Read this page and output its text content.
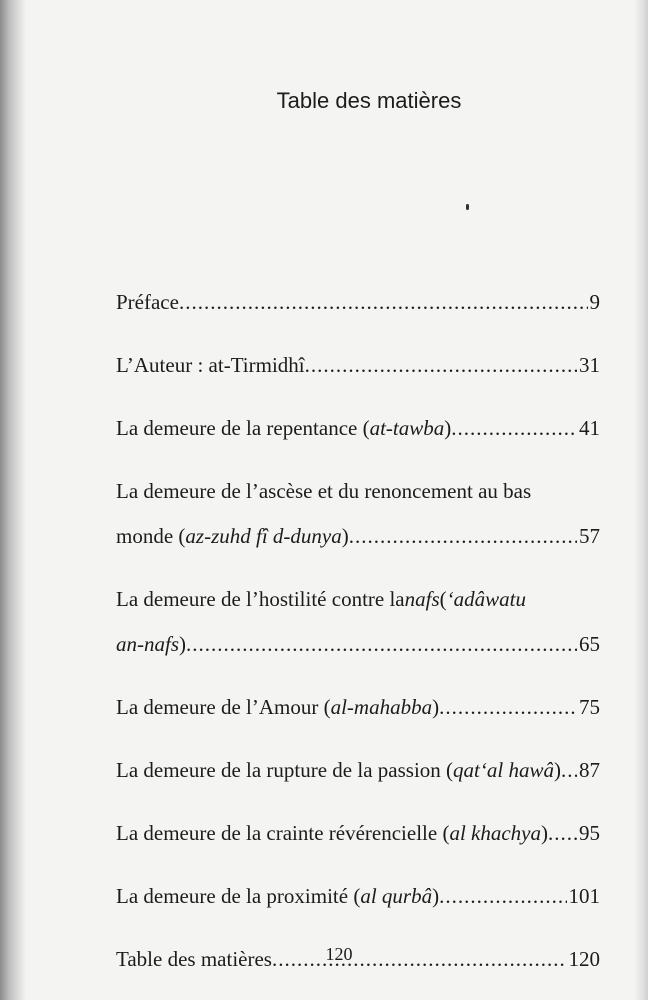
Table des matières
Préface .....	9
L’Auteur : at-Tirmidhî .....	31
La demeure de la repentance ( at-tawba ) .....	41
La demeure de l’ascèse et du renoncement au bas
monde ( az-zuhd fî d-dunya ) .....	57
La demeure de l’hostilité contre la nafs ( ‘adâwatu
an-nafs ) .....	65
La demeure de l’Amour ( al-mahabba ) .....	75
La demeure de la rupture de la passion ( qat‘al hawâ ) ..... 87
La demeure de la crainte révérencielle ( al khachya ) ..... 95
La demeure de la proximité ( al qurbâ ) .....	101
Table des matières .....	120
120
